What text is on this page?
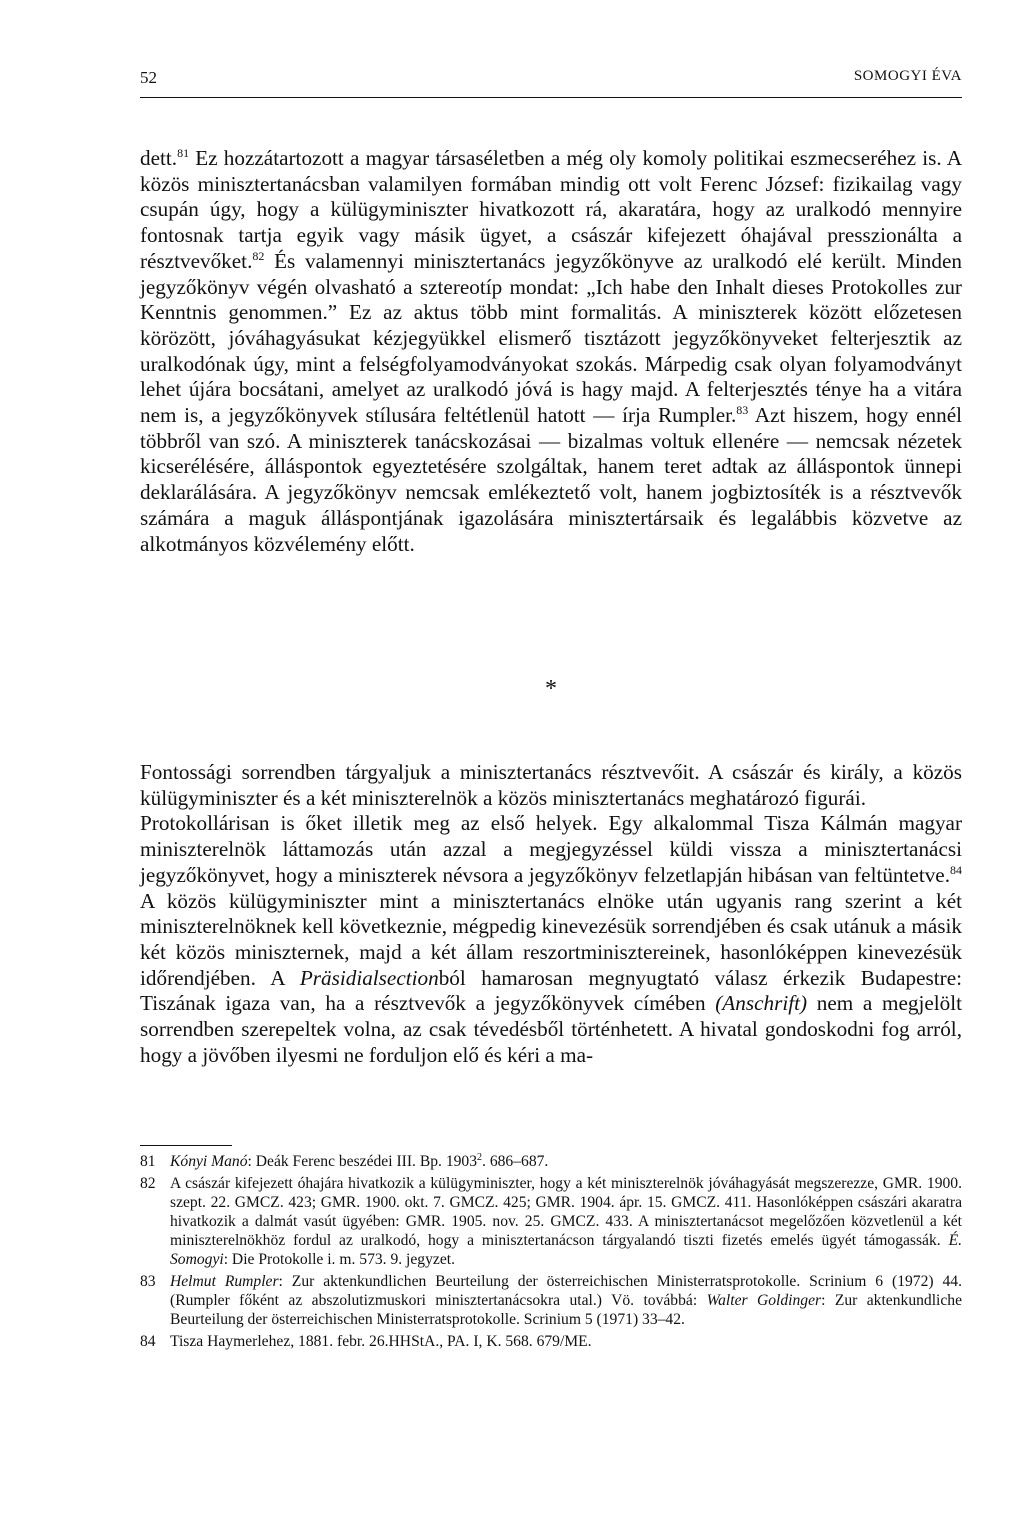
52	SOMOGYI ÉVA

dett.$^{81}$ Ez hozzátartozott a magyar társaséletben a még oly komoly politikai eszmecseréhez is. A közös minisztertanácsban valamilyen formában mindig ott volt Ferenc József: fizikailag vagy csupán úgy, hogy a külügyminiszter hivatkozott rá, akaratára, hogy az uralkodó mennyire fontosnak tartja egyik vagy másik ügyet, a császár kifejezett óhajával presszionálta a résztvevőket.$^{82}$ És valamennyi minisztertanács jegyzőkönyve az uralkodó elé került. Minden jegyzőkönyv végén olvasható a sztereotíp mondat: „Ich habe den Inhalt dieses Protokolles zur Kenntnis genommen.” Ez az aktus több mint formalitás. A miniszterek között előzetesen körözött, jóváhagyásukat kézjegyükkel elismerő tisztázott jegyzőkönyveket felterjesztik az uralkodónak úgy, mint a felségfolyamodványokat szokás. Márpedig csak olyan folyamodványt lehet újára bocsátani, amelyet az uralkodó jóvá is hagy majd. A felterjesztés ténye ha a vitára nem is, a jegyzőkönyvek stílusára feltétlenül hatott — írja Rumpler.$^{83}$ Azt hiszem, hogy ennél többről van szó. A miniszterek tanácskozásai — bizalmas voltuk ellenére — nemcsak nézetek kicserélésére, álláspontok egyeztetésére szolgáltak, hanem teret adtak az álláspontok ünnepi deklarálására. A jegyzőkönyv nemcsak emlékeztető volt, hanem jogbiztosíték is a résztvevők számára a maguk álláspontjának igazolására minisztertársaik és legalábbis közvetve az alkotmányos közvélemény előtt.

*

Fontossági sorrendben tárgyaljuk a minisztertanács résztvevőit. A császár és király, a közös külügyminiszter és a két miniszterelnök a közös minisztertanács meghatározó figurái.

Protokollárisan is őket illetik meg az első helyek. Egy alkalommal Tisza Kálmán magyar miniszterelnök láttamozás után azzal a megjegyzéssel küldi vissza a minisztertanácsi jegyzőkönyvet, hogy a miniszterek névsora a jegyzőkönyv felzetlapján hibásan van feltüntetve.$^{84}$ A közös külügyminiszter mint a minisztertanács elnöke után ugyanis rang szerint a két miniszterelnöknek kell következnie, mégpedig kinevezésük sorrendjében és csak utánuk a másik két közös miniszternek, majd a két állam reszortminisztereinek, hasonlóképpen kinevezésük időrendjében. A Präsidialsectionból hamarosan megnyugtató válasz érkezik Budapestre: Tiszának igaza van, ha a résztvevők a jegyzőkönyvek címében (Anschrift) nem a megjelölt sorrendben szerepeltek volna, az csak tévedésből történhetett. A hivatal gondoskodni fog arról, hogy a jövőben ilyesmi ne forduljon elő és kéri a ma-

81 Kónyi Manó: Deák Ferenc beszédei III. Bp. 1903$^2$. 686–687.
82 A császár kifejezett óhajára hivatkozik a külügyminiszter, hogy a két miniszterelnök jóváhagyását megszerezze, GMR. 1900. szept. 22. GMCZ. 423; GMR. 1900. okt. 7. GMCZ. 425; GMR. 1904. ápr. 15. GMCZ. 411. Hasonlóképpen császári akaratra hivatkozik a dalmát vasút ügyében: GMR. 1905. nov. 25. GMCZ. 433. A minisztertanácsot megelőzően közvetlenül a két miniszterelnökhöz fordul az uralkodó, hogy a minisztertanácson tárgyalandó tiszti fizetés emelés ügyét támogassák. É. Somogyi: Die Protokolle i. m. 573. 9. jegyzet.
83 Helmut Rumpler: Zur aktenkundlichen Beurteilung der österreichischen Ministerratsprotokolle. Scrinium 6 (1972) 44. (Rumpler főként az abszolutizmuskori minisztertanácsokra utal.) Vö. továbbá: Walter Goldinger: Zur aktenkundliche Beurteilung der österreichischen Ministerratsprotokolle. Scrinium 5 (1971) 33–42.
84 Tisza Haymerlehez, 1881. febr. 26.HHStA., PA. I, K. 568. 679/ME.
